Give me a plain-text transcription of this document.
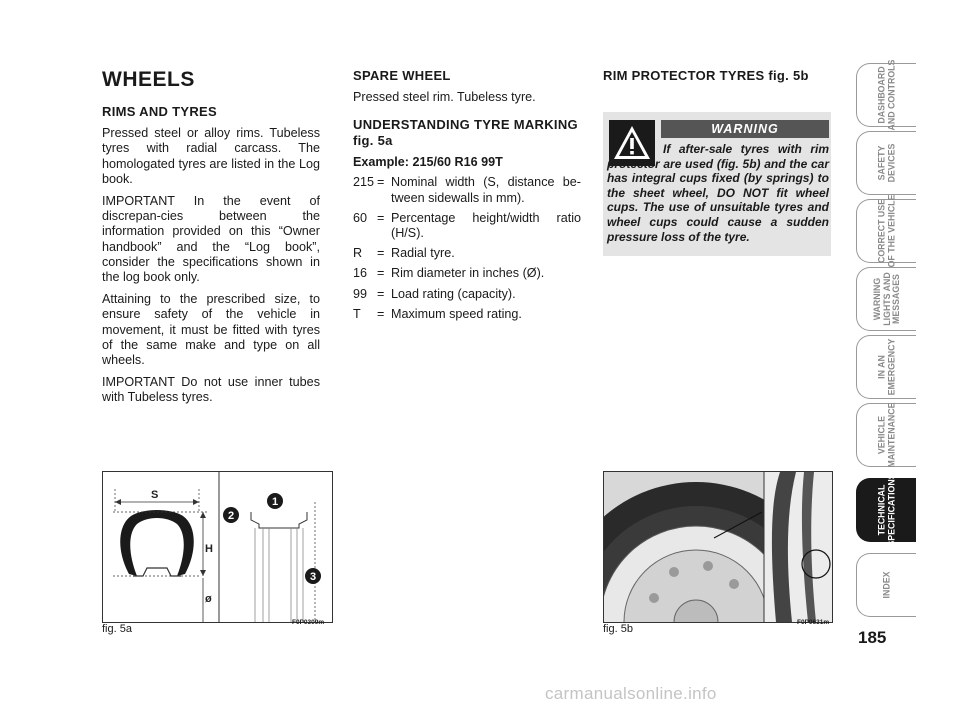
WHEELS
RIMS AND TYRES

Pressed steel or alloy rims. Tubeless tyres with radial carcass. The homologated tyres are listed in the Log book.

IMPORTANT In the event of discrepan-cies between the information provided on this “Owner handbook” and the “Log book”, consider the specifications shown in the log book only.

Attaining to the prescribed size, to ensure safety of the vehicle in movement, it must be fitted with tyres of the same make and type on all wheels.

IMPORTANT Do not use inner tubes with Tubeless tyres.

SPARE WHEEL

Pressed steel rim. Tubeless tyre.

UNDERSTANDING TYRE MARKING fig. 5a
Example: 215/60 R16 99T
215 = Nominal width (S, distance be-tween sidewalls in mm).
60 = Percentage height/width ratio (H/S).
R	= Radial tyre.
16 = Rim diameter in inches (Ø).
99 = Load rating (capacity).
T	= Maximum speed rating.
RIM PROTECTOR TYRES fig. 5b
WARNING
If after-sale tyres with rim protector are used (fig. 5b) and the car has integral cups fixed (by springs) to the sheet wheel, DO NOT fit wheel cups. The use of unsuitable tyres and wheel cups could cause a sudden pressure loss of the tyre.
S
H
ø
1
2
3
fig. 5a
F0P0309m
fig. 5b
F0P0631m
DASHBOARD
AND CONTROLS
SAFETY
DEVICES
CORRECT USE
OF THE VEHICLE
WARNING
LIGHTS AND
MESSAGES
IN AN
EMERGENCY
VEHICLE
MAINTENANCE
TECHNICAL
SPECIFICATIONS
INDEX
185
carmanualsonline.info
